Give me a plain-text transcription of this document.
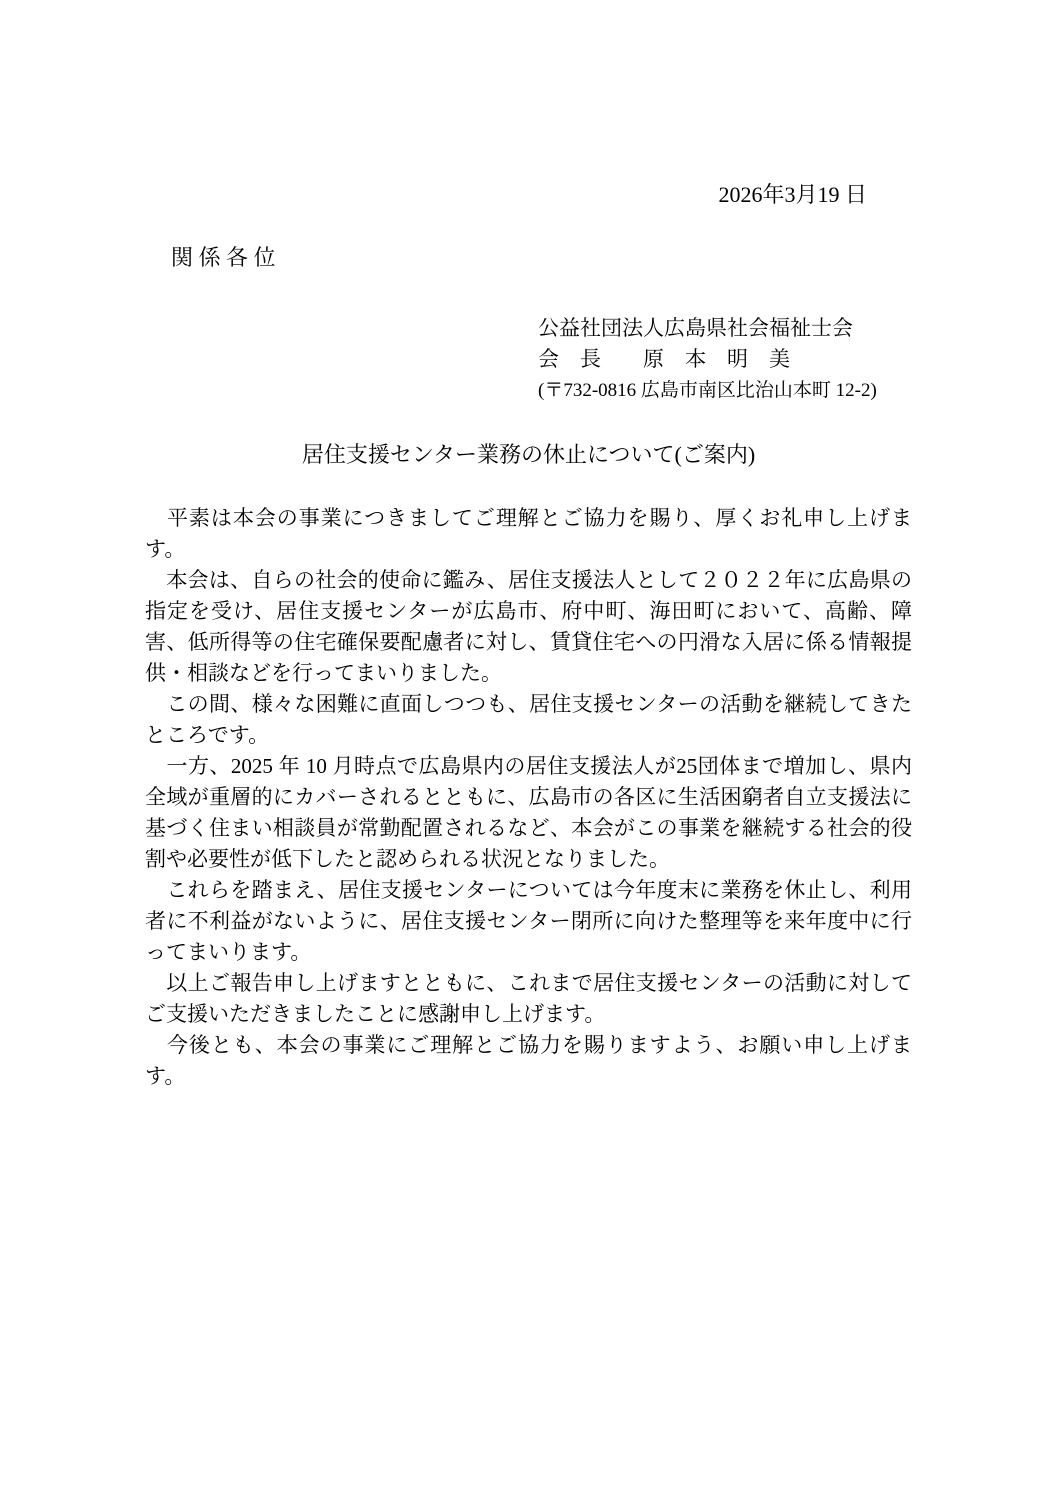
2026年3月19 日
関 係 各 位
公益社団法人広島県社会福祉士会
会　長　　原　本　明　美
(〒732-0816 広島市南区比治山本町 12-2)
居住支援センター業務の休止について(ご案内)

　平素は本会の事業につきましてご理解とご協力を賜り、厚くお礼申し上げます。

　本会は、自らの社会的使命に鑑み、居住支援法人として２０２２年に広島県の指定を受け、居住支援センターが広島市、府中町、海田町において、高齢、障害、低所得等の住宅確保要配慮者に対し、賃貸住宅への円滑な入居に係る情報提供・相談などを行ってまいりました。

　この間、様々な困難に直面しつつも、居住支援センターの活動を継続してきたところです。

　一方、2025 年 10 月時点で広島県内の居住支援法人が25団体まで増加し、県内全域が重層的にカバーされるとともに、広島市の各区に生活困窮者自立支援法に基づく住まい相談員が常勤配置されるなど、本会がこの事業を継続する社会的役割や必要性が低下したと認められる状況となりました。

　これらを踏まえ、居住支援センターについては今年度末に業務を休止し、利用者に不利益がないように、居住支援センター閉所に向けた整理等を来年度中に行ってまいります。

　以上ご報告申し上げますとともに、これまで居住支援センターの活動に対してご支援いただきましたことに感謝申し上げます。

　今後とも、本会の事業にご理解とご協力を賜りますよう、お願い申し上げます。
